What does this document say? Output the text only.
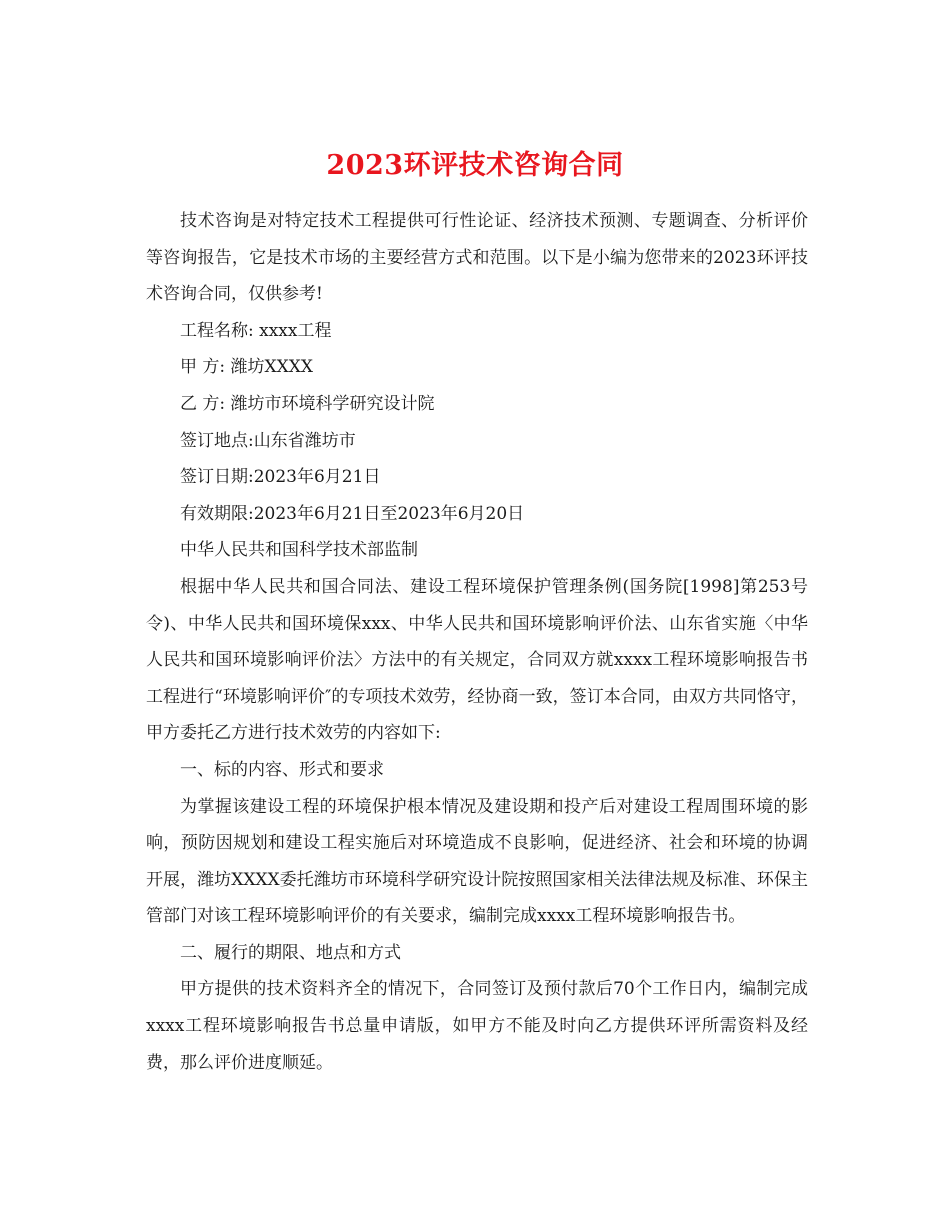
2023环评技术咨询合同

技术咨询是对特定技术工程提供可行性论证、经济技术预测、专题调查、分析评价等咨询报告，它是技术市场的主要经营方式和范围。以下是小编为您带来的2023环评技术咨询合同，仅供参考!

工程名称: xxxx工程

甲 方: 潍坊XXXX

乙 方: 潍坊市环境科学研究设计院

签订地点:山东省潍坊市

签订日期:2023年6月21日

有效期限:2023年6月21日至2023年6月20日

中华人民共和国科学技术部监制

根据中华人民共和国合同法、建设工程环境保护管理条例(国务院[1998]第253号令)、中华人民共和国环境保xxx、中华人民共和国环境影响评价法、山东省实施〈中华人民共和国环境影响评价法〉方法中的有关规定，合同双方就xxxx工程环境影响报告书工程进行“环境影响评价″的专项技术效劳，经协商一致，签订本合同，由双方共同恪守，甲方委托乙方进行技术效劳的内容如下:

一、标的内容、形式和要求

为掌握该建设工程的环境保护根本情况及建设期和投产后对建设工程周围环境的影响，预防因规划和建设工程实施后对环境造成不良影响，促进经济、社会和环境的协调开展，潍坊XXXX委托潍坊市环境科学研究设计院按照国家相关法律法规及标准、环保主管部门对该工程环境影响评价的有关要求，编制完成xxxx工程环境影响报告书。

二、履行的期限、地点和方式

甲方提供的技术资料齐全的情况下，合同签订及预付款后70个工作日内，编制完成xxxx工程环境影响报告书总量申请版，如甲方不能及时向乙方提供环评所需资料及经费，那么评价进度顺延。
